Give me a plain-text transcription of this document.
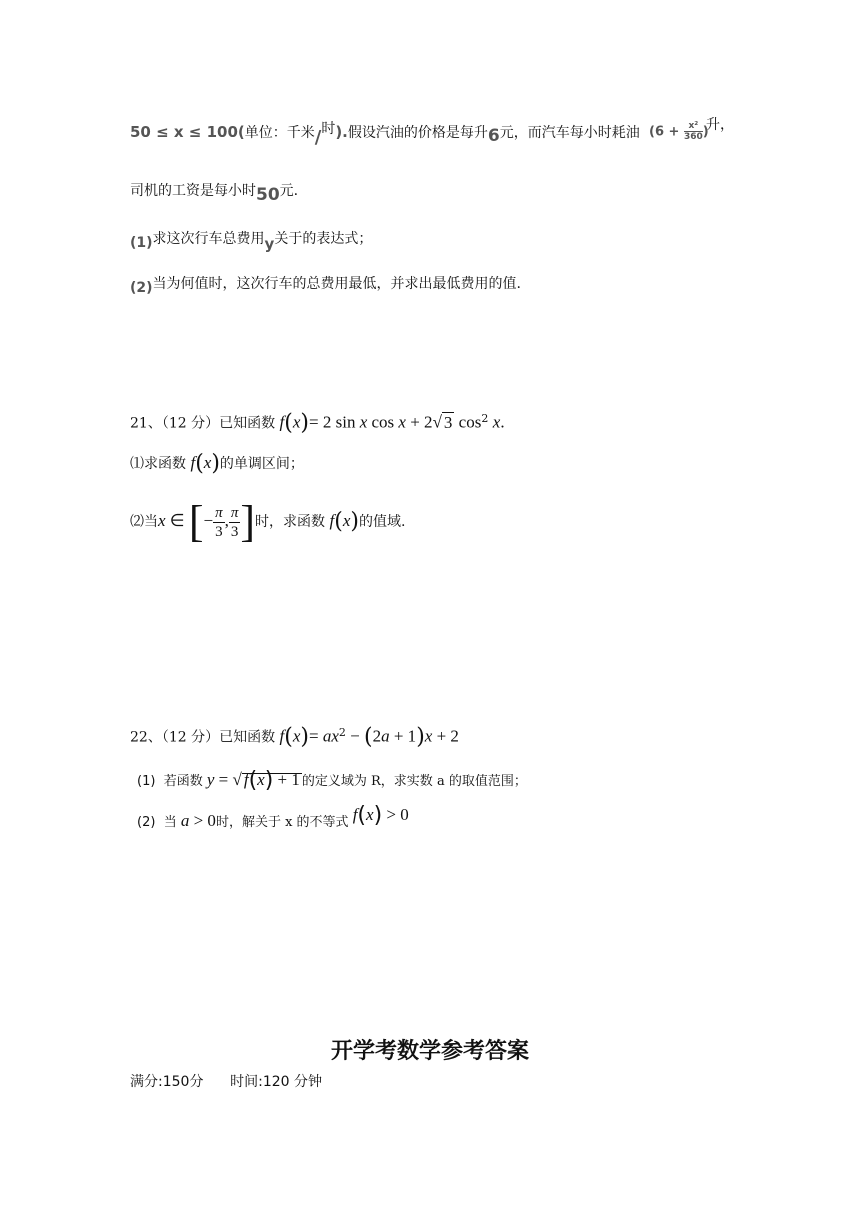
50 ≤ x ≤ 100(单位：千米/时).假设汽油的价格是每升6元，而汽车每小时耗油 $(6 + \frac{\text{x²}}{360})$
升，
司机的工资是每小时50元.
(1)求这次行车总费用y关于的表达式；
(2)当为何值时，这次行车的总费用最低，并求出最低费用的值.
21、（12 分）已知函数 f(x)= 2 sin x cos x + 2√ 3 $\cos^2 x$.
⑴求函数 f(x)的单调区间；
⑵当x ∈ [− $\frac{\pi}{3}$ , $\frac{\pi}{3}$ ]时，求函数 f(x)的值域.
22、（12 分）已知函数 $f(x)= ax^2 - (2a + 1)x + 2$
(1) 若函数 y = √ f(x) + 1 的定义域为 R，求实数 a 的取值范围；
(2) 当 a > 0时，解关于 x 的不等式 f(x) > 0
开学考数学参考答案
满分:150分 时间:120 分钟
